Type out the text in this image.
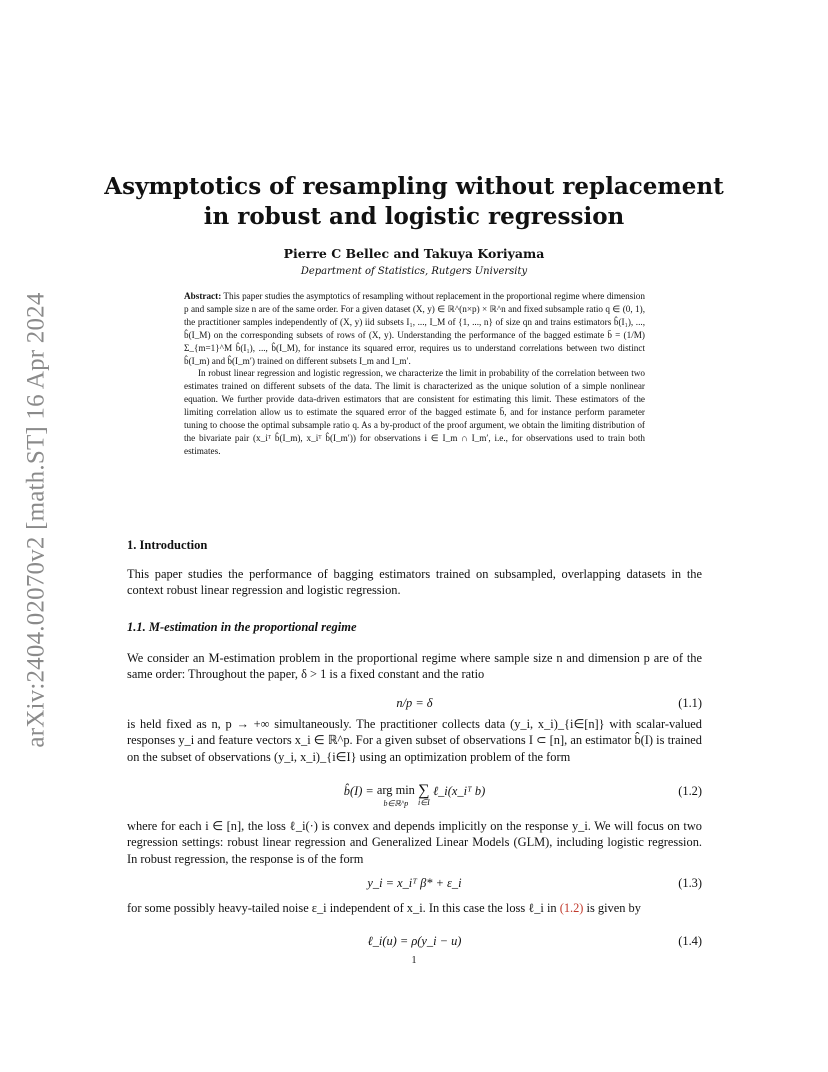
arXiv:2404.02070v2 [math.ST] 16 Apr 2024
Asymptotics of resampling without replacement
in robust and logistic regression
Pierre C Bellec and Takuya Koriyama
Department of Statistics, Rutgers University

Abstract: This paper studies the asymptotics of resampling without replacement in the proportional regime where dimension p and sample size n are of the same order. For a given dataset (X, y) ∈ ℝ^(n×p) × ℝ^n and fixed subsample ratio q ∈ (0, 1), the practitioner samples independently of (X, y) iid subsets I₁, ..., I_M of {1, ..., n} of size qn and trains estimators b̂(I₁), ..., b̂(I_M) on the corresponding subsets of rows of (X, y). Understanding the performance of the bagged estimate b̄ = (1/M) Σ_{m=1}^M b̂(I₁), ..., b̂(I_M), for instance its squared error, requires us to understand correlations between two distinct b̂(I_m) and b̂(I_m′) trained on different subsets I_m and I_m′.

In robust linear regression and logistic regression, we characterize the limit in probability of the correlation between two estimates trained on different subsets of the data. The limit is characterized as the unique solution of a simple nonlinear equation. We further provide data-driven estimators that are consistent for estimating this limit. These estimators of the limiting correlation allow us to estimate the squared error of the bagged estimate b̄, and for instance perform parameter tuning to choose the optimal subsample ratio q. As a by-product of the proof argument, we obtain the limiting distribution of the bivariate pair (x_iᵀ b̂(I_m), x_iᵀ b̂(I_m′)) for observations i ∈ I_m ∩ I_m′, i.e., for observations used to train both estimates.

1. Introduction

This paper studies the performance of bagging estimators trained on subsampled, overlapping datasets in the context robust linear regression and logistic regression.

1.1. M-estimation in the proportional regime

We consider an M-estimation problem in the proportional regime where sample size n and dimension p are of the same order: Throughout the paper, δ > 1 is a fixed constant and the ratio

n/p = δ	(1.1)

is held fixed as n, p → +∞ simultaneously. The practitioner collects data (y_i, x_i)_{i∈[n]} with scalar-valued responses y_i and feature vectors x_i ∈ ℝ^p. For a given subset of observations I ⊂ [n], an estimator b̂(I) is trained on the subset of observations (y_i, x_i)_{i∈I} using an optimization problem of the form

b̂(I) = arg min
b∈ℝ^p
∑
i∈I
ℓ_i(x_iᵀ b)	(1.2)

where for each i ∈ [n], the loss ℓ_i(·) is convex and depends implicitly on the response y_i. We will focus on two regression settings: robust linear regression and Generalized Linear Models (GLM), including logistic regression. In robust regression, the response is of the form

y_i = x_iᵀ β* + ε_i	(1.3)

for some possibly heavy-tailed noise ε_i independent of x_i. In this case the loss ℓ_i in (1.2) is given by

ℓ_i(u) = ρ(y_i − u)	(1.4)
1
